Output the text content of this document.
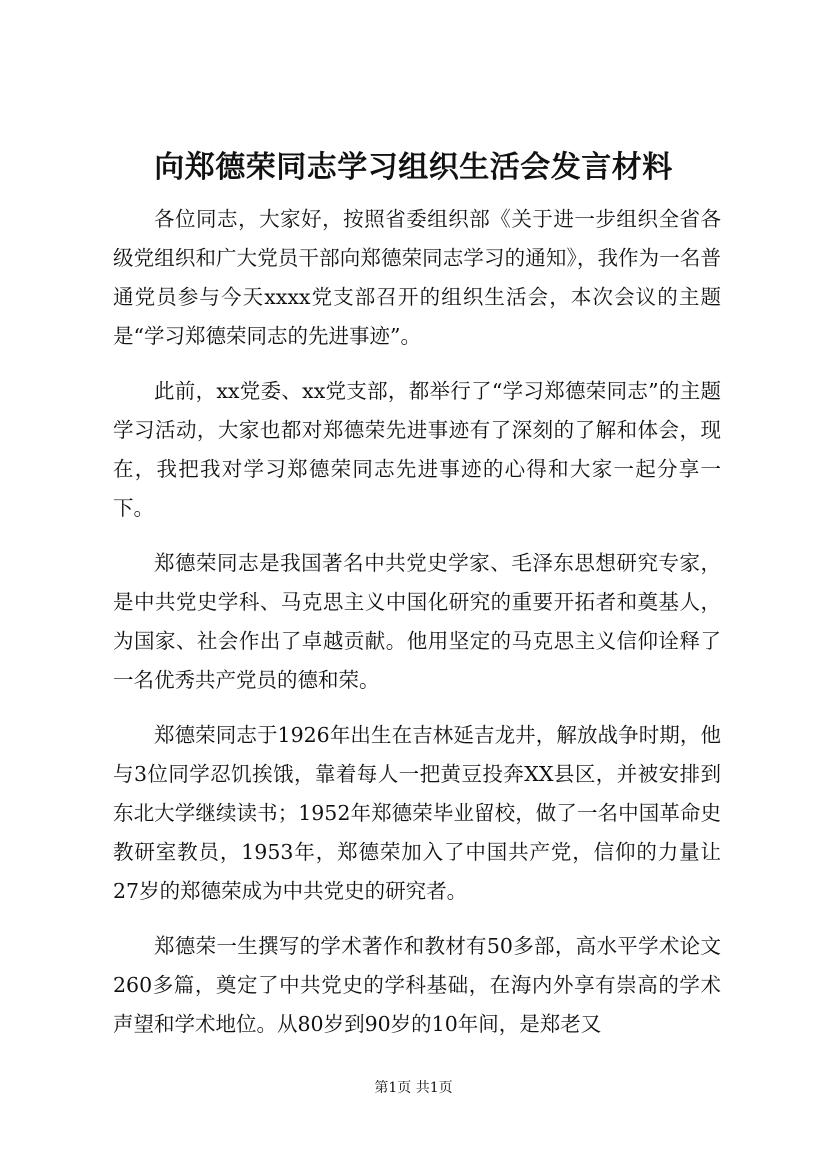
向郑德荣同志学习组织生活会发言材料

各位同志，大家好，按照省委组织部《关于进一步组织全省各级党组织和广大党员干部向郑德荣同志学习的通知》，我作为一名普通党员参与今天xxxx党支部召开的组织生活会，本次会议的主题是“学习郑德荣同志的先进事迹”。

此前，xx党委、xx党支部，都举行了“学习郑德荣同志”的主题学习活动，大家也都对郑德荣先进事迹有了深刻的了解和体会，现在，我把我对学习郑德荣同志先进事迹的心得和大家一起分享一下。

郑德荣同志是我国著名中共党史学家、毛泽东思想研究专家，是中共党史学科、马克思主义中国化研究的重要开拓者和奠基人，为国家、社会作出了卓越贡献。他用坚定的马克思主义信仰诠释了一名优秀共产党员的德和荣。

郑德荣同志于1926年出生在吉林延吉龙井，解放战争时期，他与3位同学忍饥挨饿，靠着每人一把黄豆投奔XX县区，并被安排到东北大学继续读书；1952年郑德荣毕业留校，做了一名中国革命史教研室教员，1953年，郑德荣加入了中国共产党，信仰的力量让27岁的郑德荣成为中共党史的研究者。

郑德荣一生撰写的学术著作和教材有50多部，高水平学术论文260多篇，奠定了中共党史的学科基础，在海内外享有崇高的学术声望和学术地位。从80岁到90岁的10年间，是郑老又

第1页 共1页
